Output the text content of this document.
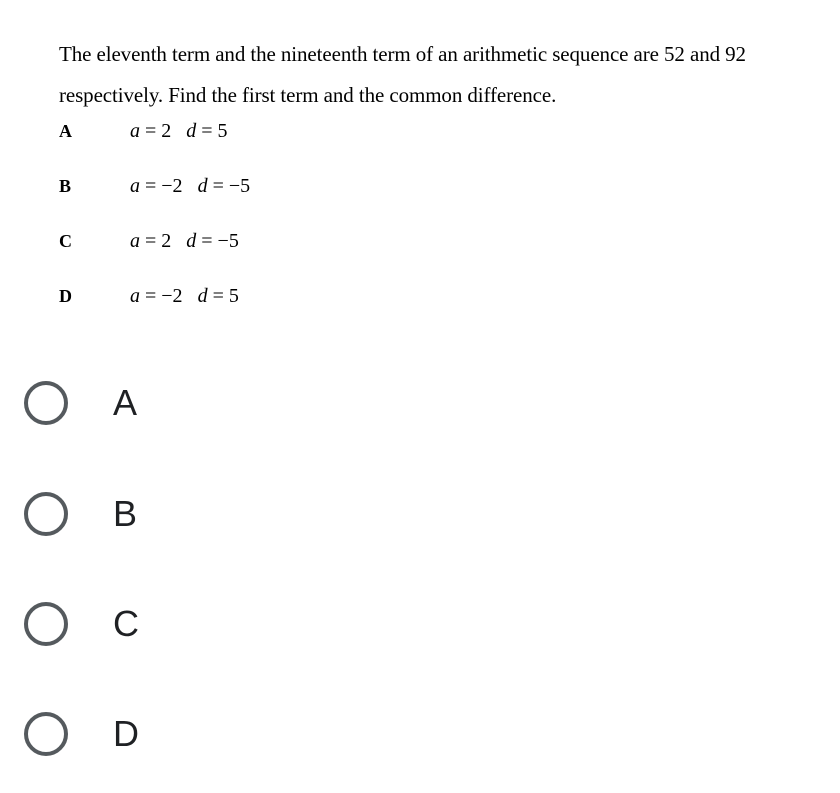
The eleventh term and the nineteenth term of an arithmetic sequence are 52 and 92 respectively. Find the first term and the common difference.
A	a = 2 d = 5
B	a = −2 d = −5
C	a = 2 d = −5
D	a = −2 d = 5
A
B
C
D
